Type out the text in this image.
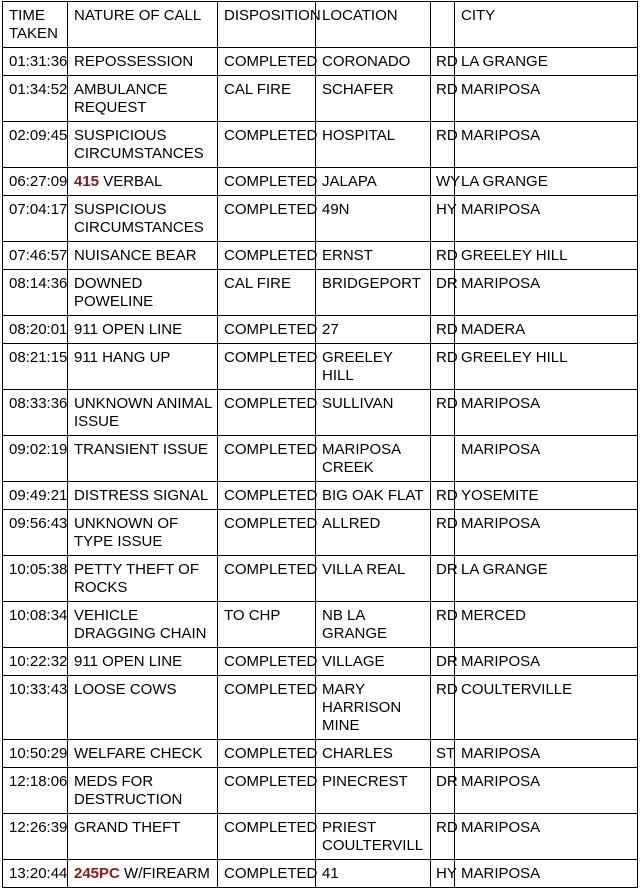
TIME TAKEN	NATURE OF CALL	DISPOSITION	LOCATION		CITY
01:31:36	REPOSSESSION	COMPLETED	CORONADO	RD	LA GRANGE
01:34:52	AMBULANCE REQUEST	CAL FIRE	SCHAFER	RD	MARIPOSA
02:09:45	SUSPICIOUS CIRCUMSTANCES	COMPLETED	HOSPITAL	RD	MARIPOSA
06:27:09	415 VERBAL	COMPLETED	JALAPA	WY	LA GRANGE
07:04:17	SUSPICIOUS CIRCUMSTANCES	COMPLETED	49N	HY	MARIPOSA
07:46:57	NUISANCE BEAR	COMPLETED	ERNST	RD	GREELEY HILL
08:14:36	DOWNED POWELINE	CAL FIRE	BRIDGEPORT	DR	MARIPOSA
08:20:01	911 OPEN LINE	COMPLETED	27	RD	MADERA
08:21:15	911 HANG UP	COMPLETED	GREELEY HILL	RD	GREELEY HILL
08:33:36	UNKNOWN ANIMAL ISSUE	COMPLETED	SULLIVAN	RD	MARIPOSA
09:02:19	TRANSIENT ISSUE	COMPLETED	MARIPOSA CREEK		MARIPOSA
09:49:21	DISTRESS SIGNAL	COMPLETED	BIG OAK FLAT	RD	YOSEMITE
09:56:43	UNKNOWN OF TYPE ISSUE	COMPLETED	ALLRED	RD	MARIPOSA
10:05:38	PETTY THEFT OF ROCKS	COMPLETED	VILLA REAL	DR	LA GRANGE
10:08:34	VEHICLE DRAGGING CHAIN	TO CHP	NB LA GRANGE	RD	MERCED
10:22:32	911 OPEN LINE	COMPLETED	VILLAGE	DR	MARIPOSA
10:33:43	LOOSE COWS	COMPLETED	MARY HARRISON MINE	RD	COULTERVILLE
10:50:29	WELFARE CHECK	COMPLETED	CHARLES	ST	MARIPOSA
12:18:06	MEDS FOR DESTRUCTION	COMPLETED	PINECREST	DR	MARIPOSA
12:26:39	GRAND THEFT	COMPLETED	PRIEST COULTERVILL	RD	MARIPOSA
13:20:44	245PC W/FIREARM	COMPLETED	41	HY	MARIPOSA
